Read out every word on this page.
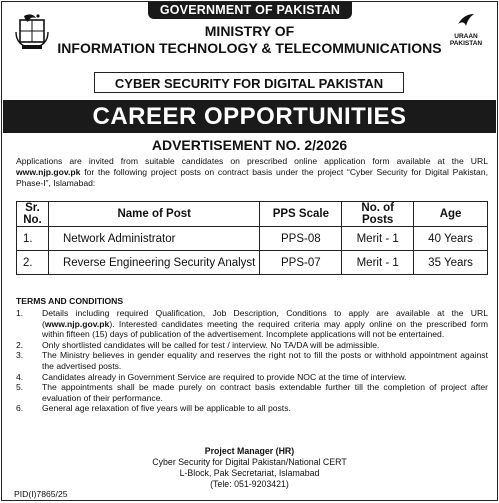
GOVERNMENT OF PAKISTAN
URAAN
PAKISTAN
MINISTRY OF
INFORMATION TECHNOLOGY & TELECOMMUNICATIONS
CYBER SECURITY FOR DIGITAL PAKISTAN
CAREER OPPORTUNITIES
ADVERTISEMENT NO. 2/2026
Applications are invited from suitable candidates on prescribed online application form available at the URL www.njp.gov.pk for the following project posts on contract basis under the project “Cyber Security for Digital Pakistan, Phase-I”, Islamabad:
Sr. No.	Name of Post	PPS Scale	No. of Posts	Age
1.	Network Administrator	PPS-08	Merit - 1	40 Years
2.	Reverse Engineering Security Analyst	PPS-07	Merit - 1	35 Years
TERMS AND CONDITIONS
1.	Details including required Qualification, Job Description, Conditions to apply are available at the URL (www.njp.gov.pk). Interested candidates meeting the required criteria may apply online on the prescribed form within fifteen (15) days of publication of the advertisement. Incomplete applications will not be entertained.
2.	Only shortlisted candidates will be called for test / interview. No TA/DA will be admissible.
3.	The Ministry believes in gender equality and reserves the right not to fill the posts or withhold appointment against the advertised posts.
4.	Candidates already in Government Service are required to provide NOC at the time of interview.
5.	The appointments shall be made purely on contract basis extendable further till the completion of project after evaluation of their performance.
6.	General age relaxation of five years will be applicable to all posts.
Project Manager (HR)
Cyber Security for Digital Pakistan/National CERT
L-Block, Pak Secretariat, Islamabad
(Tele: 051-9203421)
PID(I)7865/25
